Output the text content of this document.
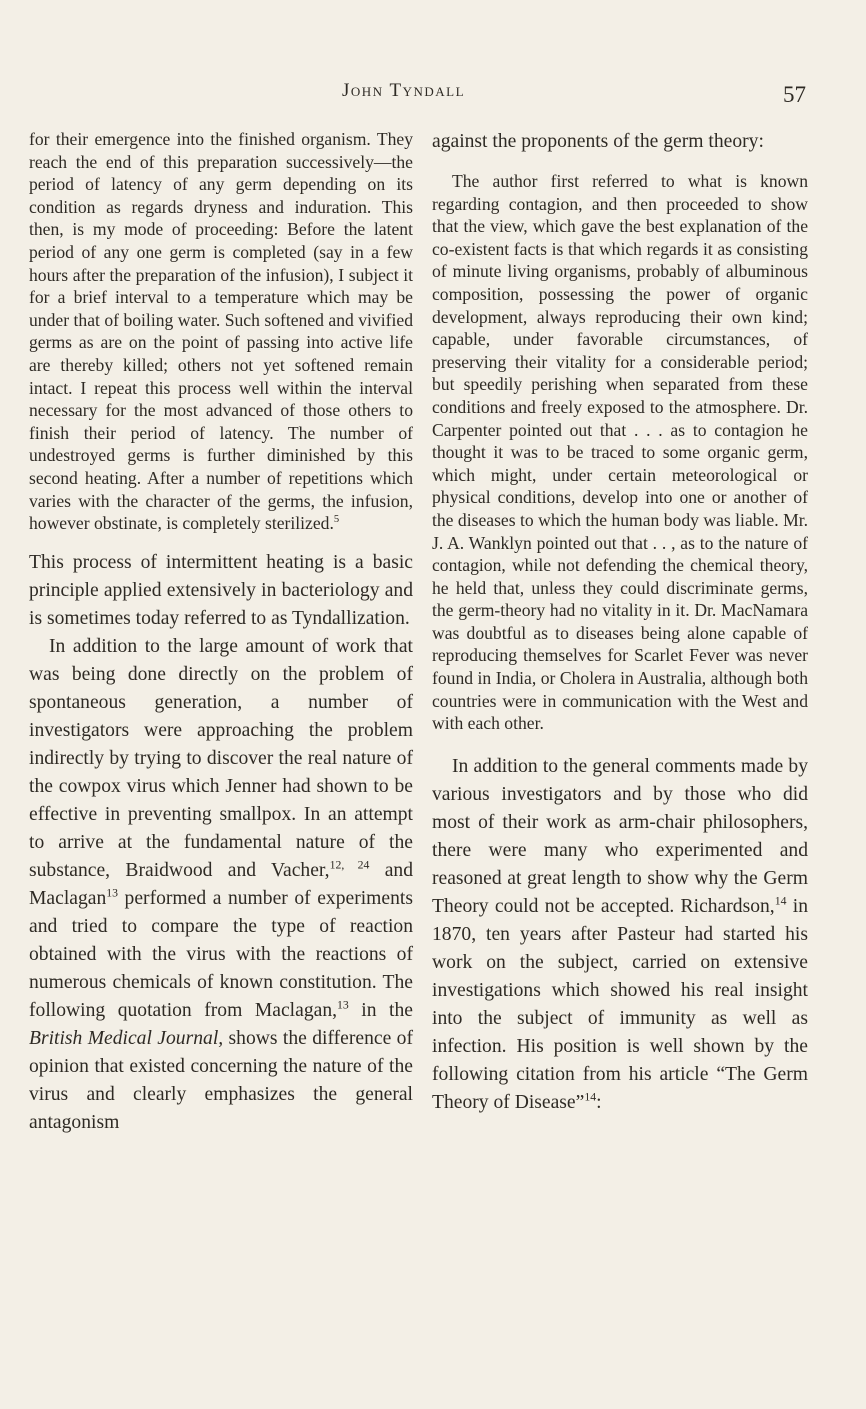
John Tyndall	57

for their emergence into the finished organism. They reach the end of this preparation successively—the period of latency of any germ depending on its condition as regards dryness and induration. This then, is my mode of proceeding: Before the latent period of any one germ is completed (say in a few hours after the preparation of the infusion), I subject it for a brief interval to a temperature which may be under that of boiling water. Such softened and vivified germs as are on the point of passing into active life are thereby killed; others not yet softened remain intact. I repeat this process well within the interval necessary for the most advanced of those others to finish their period of latency. The number of undestroyed germs is further diminished by this second heating. After a number of repetitions which varies with the character of the germs, the infusion, however obstinate, is completely sterilized.$^5$

This process of intermittent heating is a basic principle applied extensively in bacteriology and is sometimes today referred to as Tyndallization.

In addition to the large amount of work that was being done directly on the problem of spontaneous generation, a number of investigators were approaching the problem indirectly by trying to discover the real nature of the cowpox virus which Jenner had shown to be effective in preventing smallpox. In an attempt to arrive at the fundamental nature of the substance, Braidwood and Vacher,$^{12, 24}$ and Maclagan$^{13}$ performed a number of experiments and tried to compare the type of reaction obtained with the virus with the reactions of numerous chemicals of known constitution. The following quotation from Maclagan,$^{13}$ in the British Medical Journal, shows the difference of opinion that existed concerning the nature of the virus and clearly emphasizes the general antagonism

against the proponents of the germ theory:

The author first referred to what is known regarding contagion, and then proceeded to show that the view, which gave the best explanation of the co-existent facts is that which regards it as consisting of minute living organisms, probably of albuminous composition, possessing the power of organic development, always reproducing their own kind; capable, under favorable circumstances, of preserving their vitality for a considerable period; but speedily perishing when separated from these conditions and freely exposed to the atmosphere. Dr. Carpenter pointed out that . . . as to contagion he thought it was to be traced to some organic germ, which might, under certain meteorological or physical conditions, develop into one or another of the diseases to which the human body was liable. Mr. J. A. Wanklyn pointed out that . . , as to the nature of contagion, while not defending the chemical theory, he held that, unless they could discriminate germs, the germ-theory had no vitality in it. Dr. MacNamara was doubtful as to diseases being alone capable of reproducing themselves for Scarlet Fever was never found in India, or Cholera in Australia, although both countries were in communication with the West and with each other.

In addition to the general comments made by various investigators and by those who did most of their work as arm-chair philosophers, there were many who experimented and reasoned at great length to show why the Germ Theory could not be accepted. Richardson,$^{14}$ in 1870, ten years after Pasteur had started his work on the subject, carried on extensive investigations which showed his real insight into the subject of immunity as well as infection. His position is well shown by the following citation from his article “The Germ Theory of Disease”$^{14}$:
